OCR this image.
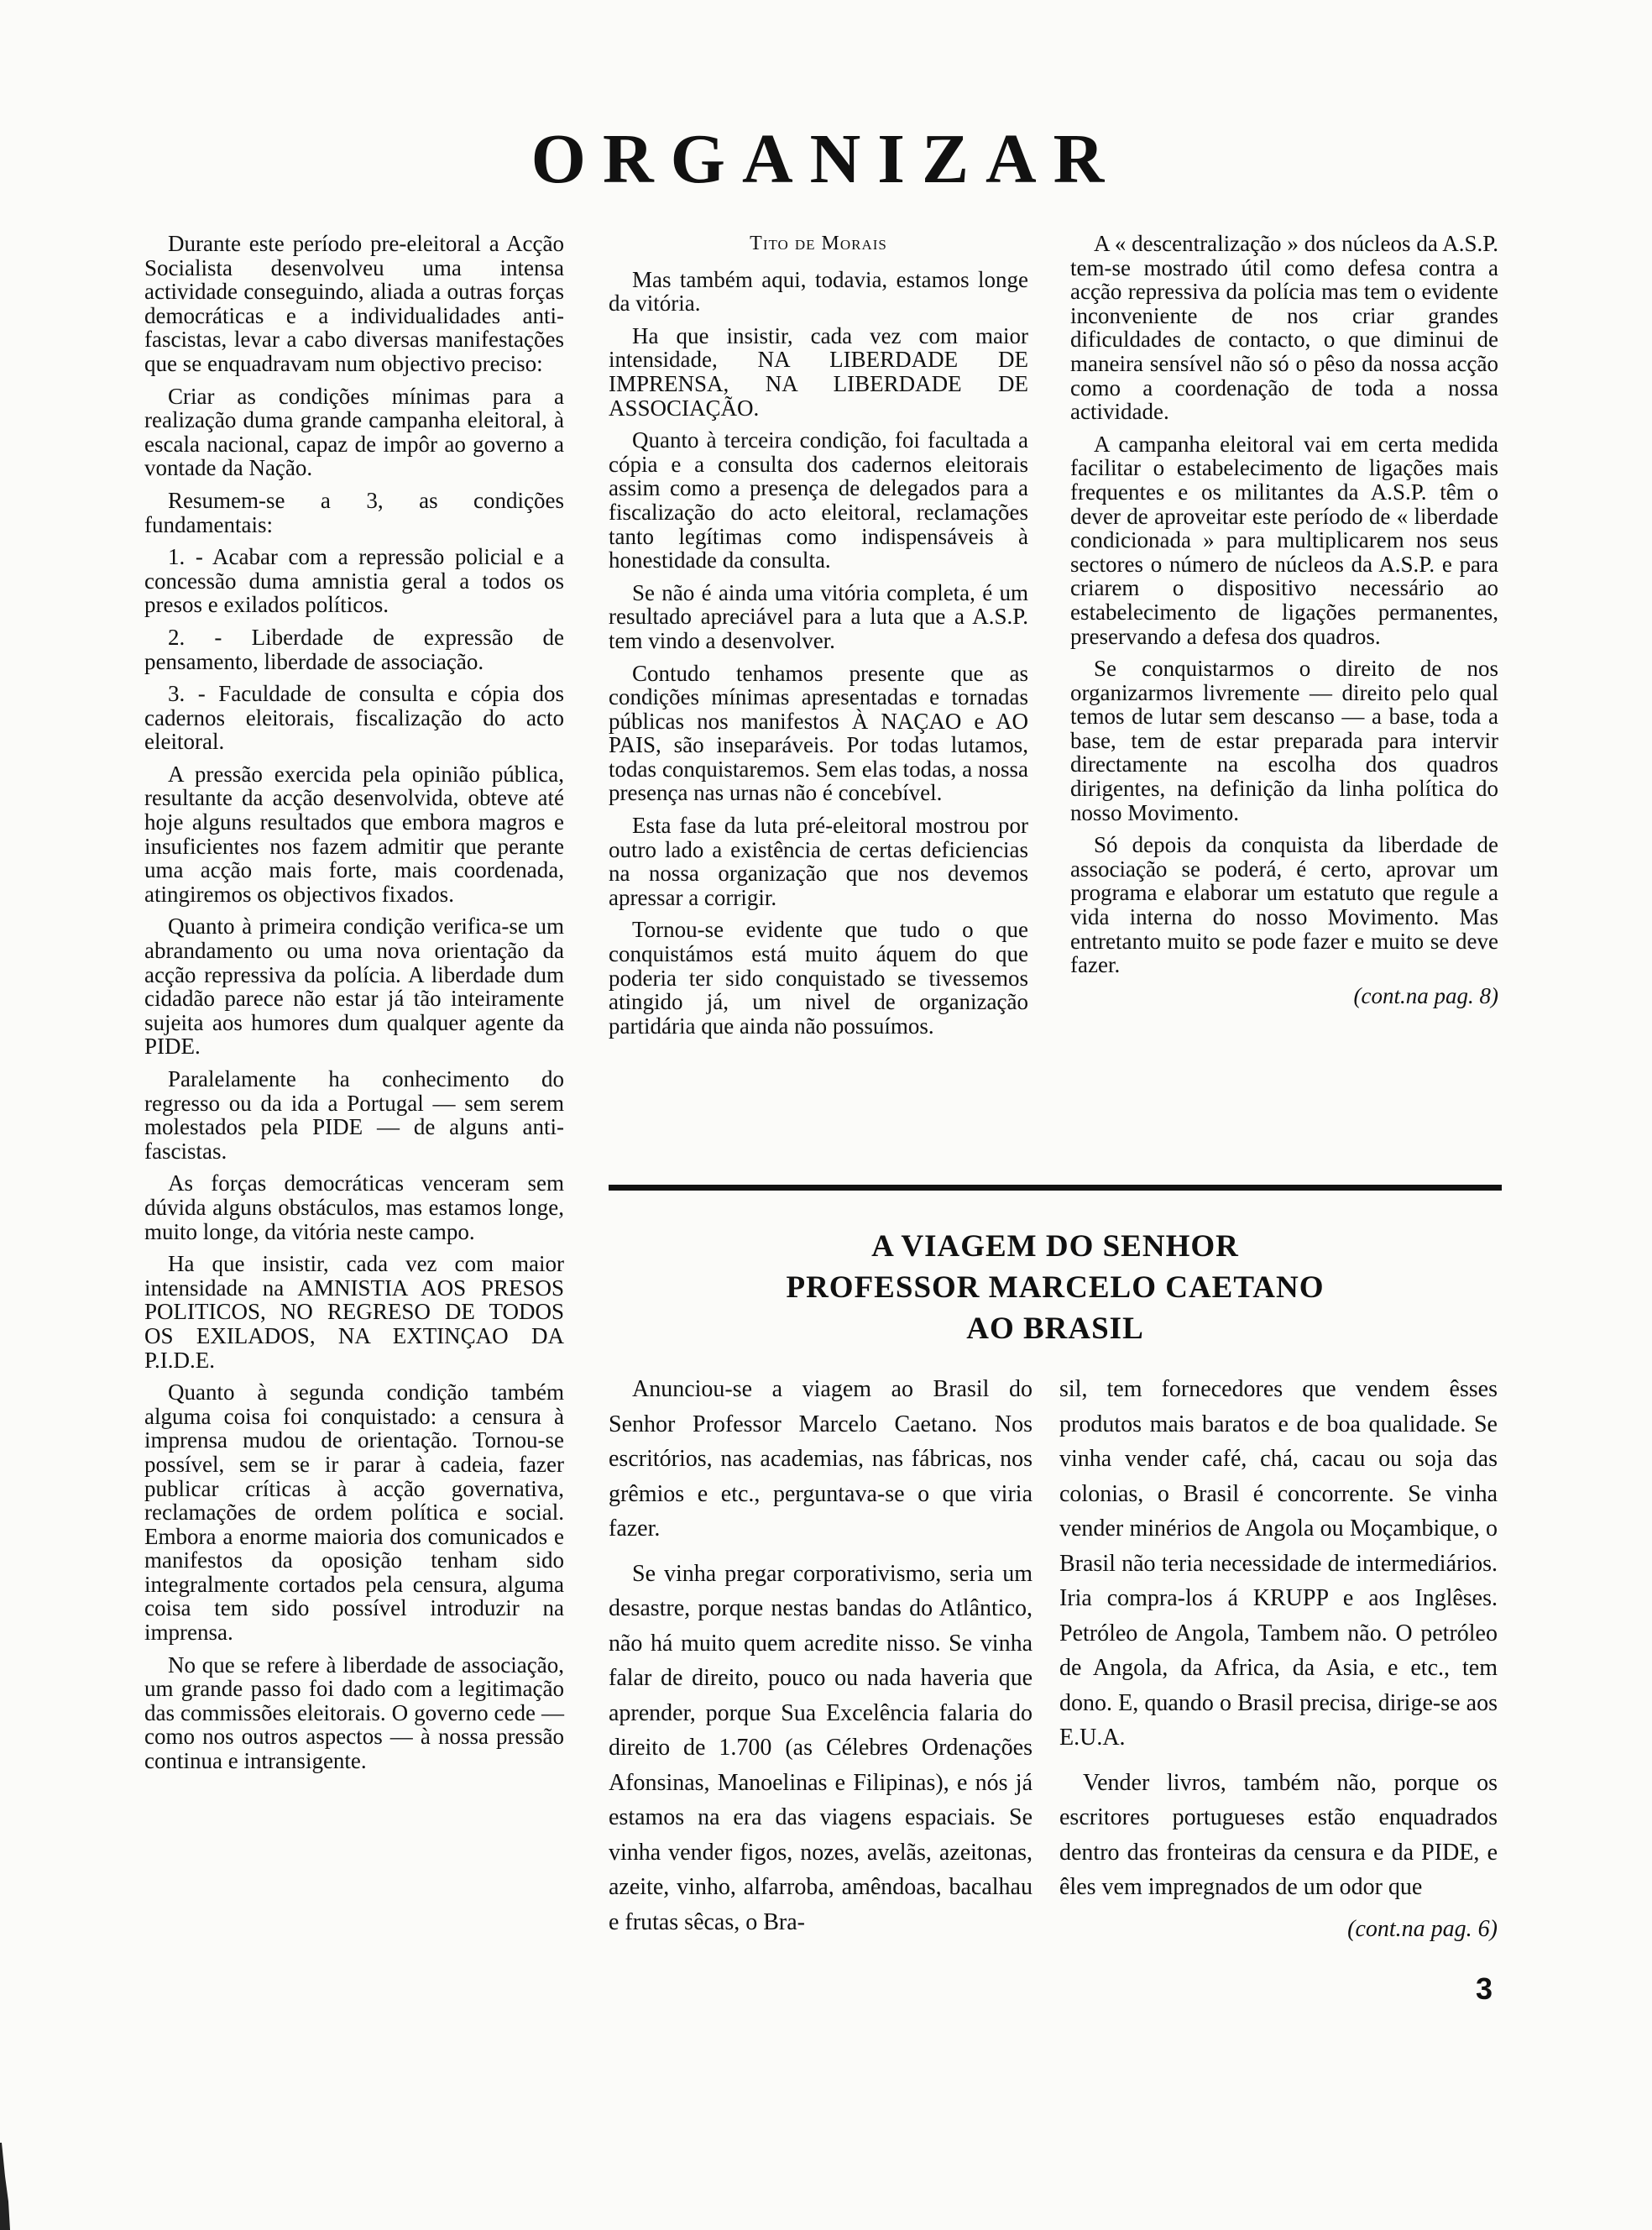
ORGANIZAR

Durante este período pre-eleitoral a Acção Socialista desenvolveu uma intensa actividade conseguindo, aliada a outras forças democráticas e a individualidades anti-fascistas, levar a cabo diversas manifestações que se enquadravam num objectivo preciso:

Criar as condições mínimas para a realização duma grande campanha eleitoral, à escala nacional, capaz de impôr ao governo a vontade da Nação.

Resumem-se a 3, as condições fundamentais:

1. - Acabar com a repressão policial e a concessão duma amnistia geral a todos os presos e exilados políticos.

2. - Liberdade de expressão de pensamento, liberdade de associação.

3. - Faculdade de consulta e cópia dos cadernos eleitorais, fiscalização do acto eleitoral.

A pressão exercida pela opinião pública, resultante da acção desenvolvida, obteve até hoje alguns resultados que embora magros e insuficientes nos fazem admitir que perante uma acção mais forte, mais coordenada, atingiremos os objectivos fixados.

Quanto à primeira condição verifica-se um abrandamento ou uma nova orientação da acção repressiva da polícia. A liberdade dum cidadão parece não estar já tão inteiramente sujeita aos humores dum qualquer agente da PIDE.

Paralelamente ha conhecimento do regresso ou da ida a Portugal — sem serem molestados pela PIDE — de alguns anti-fascistas.

As forças democráticas venceram sem dúvida alguns obstáculos, mas estamos longe, muito longe, da vitória neste campo.

Ha que insistir, cada vez com maior intensidade na AMNISTIA AOS PRESOS POLITICOS, NO REGRESO DE TODOS OS EXILADOS, NA EXTINÇAO DA P.I.D.E.

Quanto à segunda condição também alguma coisa foi conquistado: a censura à imprensa mudou de orientação. Tornou-se possível, sem se ir parar à cadeia, fazer publicar críticas à acção governativa, reclamações de ordem política e social. Embora a enorme maioria dos comunicados e manifestos da oposição tenham sido integralmente cortados pela censura, alguma coisa tem sido possível introduzir na imprensa.

No que se refere à liberdade de associação, um grande passo foi dado com a legitimação das commissões eleitorais. O governo cede — como nos outros aspectos — à nossa pressão continua e intransigente.

Tito de Morais

Mas também aqui, todavia, estamos longe da vitória.

Ha que insistir, cada vez com maior intensidade, NA LIBERDADE DE IMPRENSA, NA LIBERDADE DE ASSOCIAÇÃO.

Quanto à terceira condição, foi facultada a cópia e a consulta dos cadernos eleitorais assim como a presença de delegados para a fiscalização do acto eleitoral, reclamações tanto legítimas como indispensáveis à honestidade da consulta.

Se não é ainda uma vitória completa, é um resultado apreciável para a luta que a A.S.P. tem vindo a desenvolver.

Contudo tenhamos presente que as condições mínimas apresentadas e tornadas públicas nos manifestos À NAÇAO e AO PAIS, são inseparáveis. Por todas lutamos, todas conquistaremos. Sem elas todas, a nossa presença nas urnas não é concebível.

Esta fase da luta pré-eleitoral mostrou por outro lado a existência de certas deficiencias na nossa organização que nos devemos apressar a corrigir.

Tornou-se evidente que tudo o que conquistámos está muito áquem do que poderia ter sido conquistado se tivessemos atingido já, um nivel de organização partidária que ainda não possuímos.

A « descentralização » dos núcleos da A.S.P. tem-se mostrado útil como defesa contra a acção repressiva da polícia mas tem o evidente inconveniente de nos criar grandes dificuldades de contacto, o que diminui de maneira sensível não só o pêso da nossa acção como a coordenação de toda a nossa actividade.

A campanha eleitoral vai em certa medida facilitar o estabelecimento de ligações mais frequentes e os militantes da A.S.P. têm o dever de aproveitar este período de « liberdade condicionada » para multiplicarem nos seus sectores o número de núcleos da A.S.P. e para criarem o dispositivo necessário ao estabelecimento de ligações permanentes, preservando a defesa dos quadros.

Se conquistarmos o direito de nos organizarmos livremente — direito pelo qual temos de lutar sem descanso — a base, toda a base, tem de estar preparada para intervir directamente na escolha dos quadros dirigentes, na definição da linha política do nosso Movimento.

Só depois da conquista da liberdade de associação se poderá, é certo, aprovar um programa e elaborar um estatuto que regule a vida interna do nosso Movimento. Mas entretanto muito se pode fazer e muito se deve fazer.

(cont.na pag. 8)

A VIAGEM DO SENHOR
PROFESSOR MARCELO CAETANO
AO BRASIL

Anunciou-se a viagem ao Brasil do Senhor Professor Marcelo Caetano. Nos escritórios, nas academias, nas fábricas, nos grêmios e etc., perguntava-se o que viria fazer.

Se vinha pregar corporativismo, seria um desastre, porque nestas bandas do Atlântico, não há muito quem acredite nisso. Se vinha falar de direito, pouco ou nada haveria que aprender, porque Sua Excelência falaria do direito de 1.700 (as Célebres Ordenações Afonsinas, Manoelinas e Filipinas), e nós já estamos na era das viagens espaciais. Se vinha vender figos, nozes, avelãs, azeitonas, azeite, vinho, alfarroba, amêndoas, bacalhau e frutas sêcas, o Bra-

sil, tem fornecedores que vendem êsses produtos mais baratos e de boa qualidade. Se vinha vender café, chá, cacau ou soja das colonias, o Brasil é concorrente. Se vinha vender minérios de Angola ou Moçambique, o Brasil não teria necessidade de intermediários. Iria compra-los á KRUPP e aos Inglêses. Petróleo de Angola, Tambem não. O petróleo de Angola, da Africa, da Asia, e etc., tem dono. E, quando o Brasil precisa, dirige-se aos E.U.A.

Vender livros, também não, porque os escritores portugueses estão enquadrados dentro das fronteiras da censura e da PIDE, e êles vem impregnados de um odor que

(cont.na pag. 6)

3
